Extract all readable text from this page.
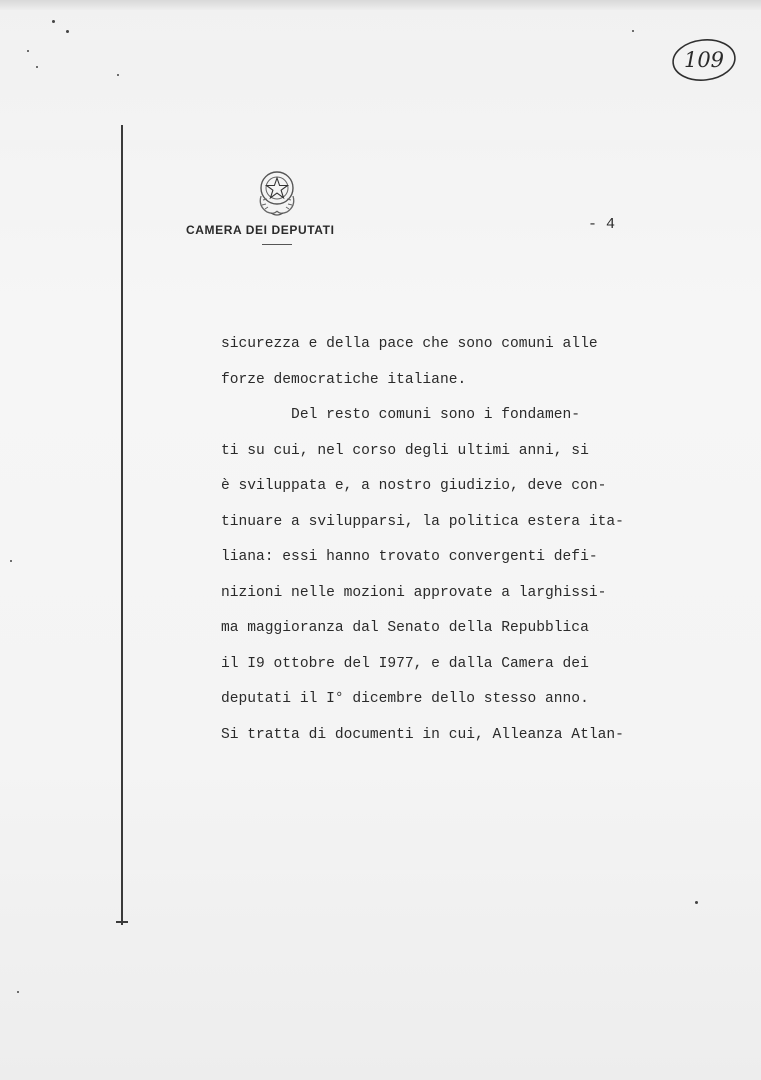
109
CAMERA DEI DEPUTATI	- 4
sicurezza e della pace che sono comuni alle
forze democratiche italiane.
Del resto comuni sono i fondamen-
ti su cui, nel corso degli ultimi anni, si
è sviluppata e, a nostro giudizio, deve con-
tinuare a svilupparsi, la politica estera ita-
liana: essi hanno trovato convergenti defi-
nizioni nelle mozioni approvate a larghissi-
ma maggioranza dal Senato della Repubblica
il I9 ottobre del I977, e dalla Camera dei
deputati il I° dicembre dello stesso anno.
Si tratta di documenti in cui, Alleanza Atlan-
